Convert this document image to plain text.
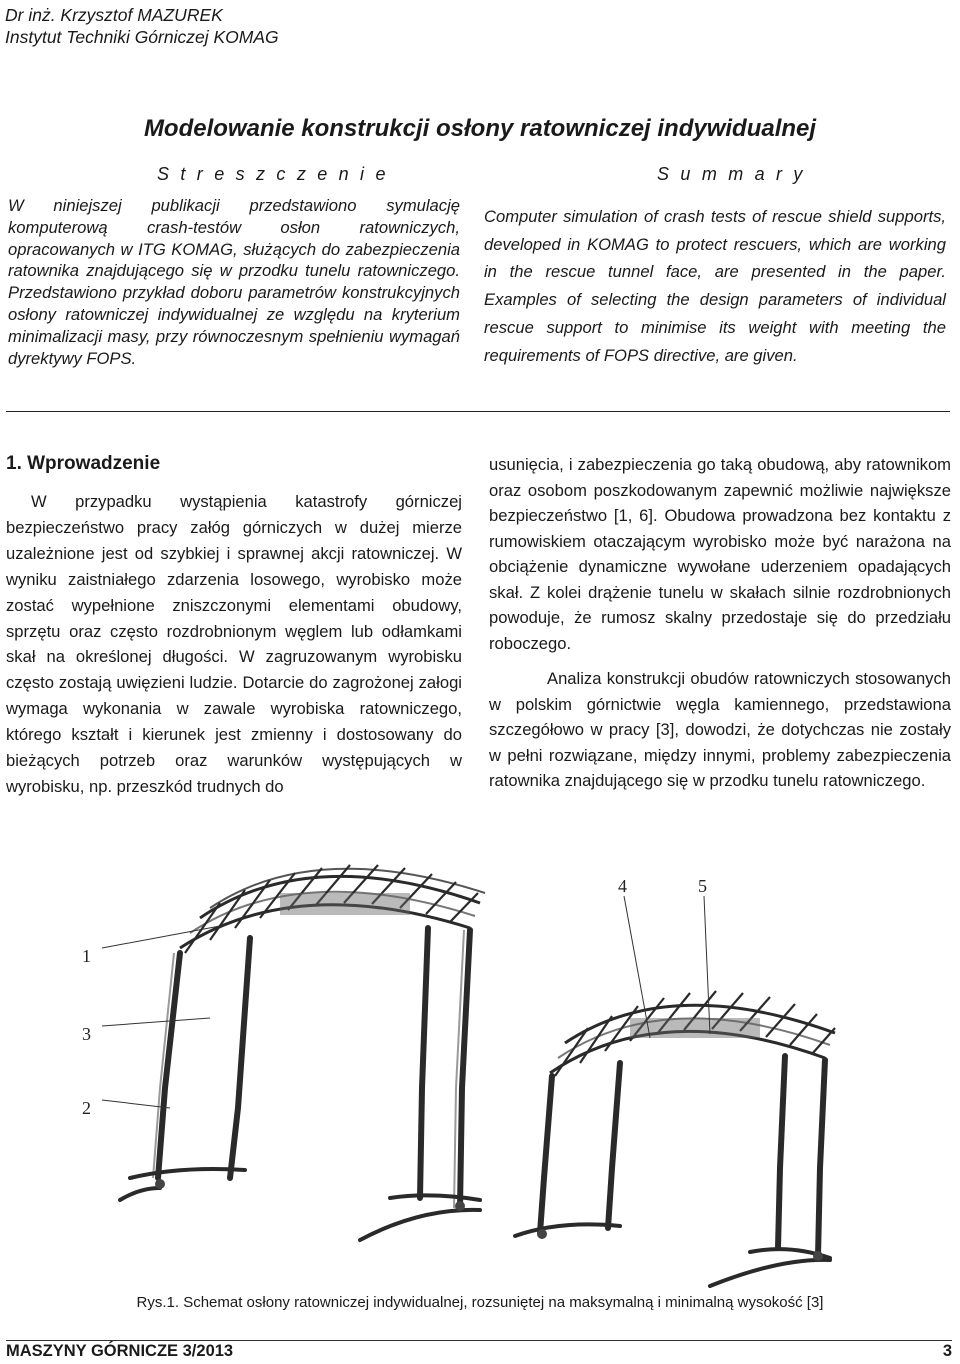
Dr inż. Krzysztof MAZUREK
Instytut Techniki Górniczej KOMAG
Modelowanie konstrukcji osłony ratowniczej indywidualnej
S t r e s z c z e n i e	S u m m a r y
W niniejszej publikacji przedstawiono symulację komputerową crash-testów osłon ratowniczych, opracowanych w ITG KOMAG, służących do zabezpieczenia ratownika znajdującego się w przodku tunelu ratowniczego. Przedstawiono przykład doboru parametrów konstrukcyjnych osłony ratowniczej indywidualnej ze względu na kryterium minimalizacji masy, przy równoczesnym spełnieniu wymagań dyrektywy FOPS.
Computer simulation of crash tests of rescue shield supports, developed in KOMAG to protect rescuers, which are working in the rescue tunnel face, are presented in the paper. Examples of selecting the design parameters of individual rescue support to minimise its weight with meeting the requirements of FOPS directive, are given.
1. Wprowadzenie

W przypadku wystąpienia katastrofy górniczej bezpieczeństwo pracy załóg górniczych w dużej mierze uzależnione jest od szybkiej i sprawnej akcji ratowniczej. W wyniku zaistniałego zdarzenia losowego, wyrobisko może zostać wypełnione zniszczonymi elementami obudowy, sprzętu oraz często rozdrobnionym węglem lub odłamkami skał na określonej długości. W zagruzowanym wyrobisku często zostają uwięzieni ludzie. Dotarcie do zagrożonej załogi wymaga wykonania w zawale wyrobiska ratowniczego, którego kształt i kierunek jest zmienny i dostosowany do bieżących potrzeb oraz warunków występujących w wyrobisku, np. przeszkód trudnych do

usunięcia, i zabezpieczenia go taką obudową, aby ratownikom oraz osobom poszkodowanym zapewnić możliwie największe bezpieczeństwo [1, 6]. Obudowa prowadzona bez kontaktu z rumowiskiem otaczającym wyrobisko może być narażona na obciążenie dynamiczne wywołane uderzeniem opadających skał. Z kolei drążenie tunelu w skałach silnie rozdrobnionych powoduje, że rumosz skalny przedostaje się do przedziału roboczego.

Analiza konstrukcji obudów ratowniczych stosowanych w polskim górnictwie węgla kamiennego, przedstawiona szczegółowo w pracy [3], dowodzi, że dotychczas nie zostały w pełni rozwiązane, między innymi, problemy zabezpieczenia ratownika znajdującego się w przodku tunelu ratowniczego.

1
3
2
4	5
Rys.1. Schemat osłony ratowniczej indywidualnej, rozsuniętej na maksymalną i minimalną wysokość [3]
MASZYNY GÓRNICZE 3/2013	3
